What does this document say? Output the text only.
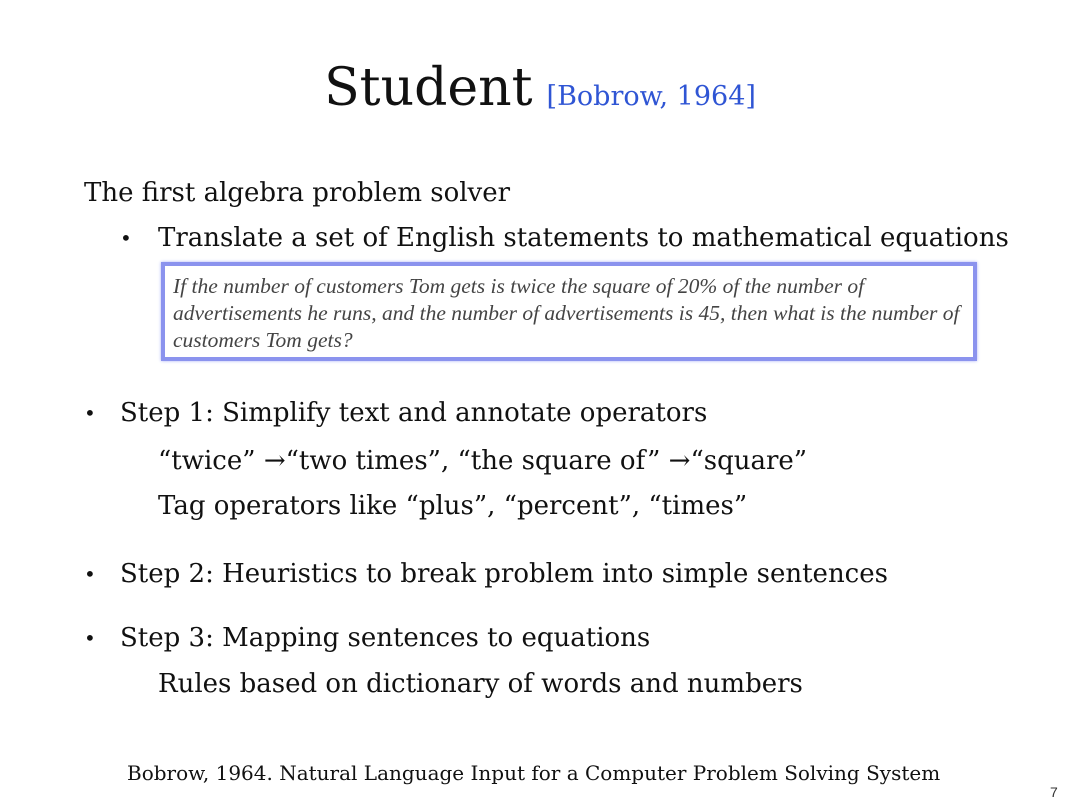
Student [Bobrow, 1964]
The first algebra problem solver
• Translate a set of English statements to mathematical equations
If the number of customers Tom gets is twice the square of 20% of the number of advertisements he runs, and the number of advertisements is 45, then what is the number of customers Tom gets?
• Step 1: Simplify text and annotate operators
“twice” →“two times”, “the square of” →“square”
Tag operators like “plus”, “percent”, “times”
• Step 2: Heuristics to break problem into simple sentences
• Step 3: Mapping sentences to equations
Rules based on dictionary of words and numbers
Bobrow, 1964. Natural Language Input for a Computer Problem Solving System
7
